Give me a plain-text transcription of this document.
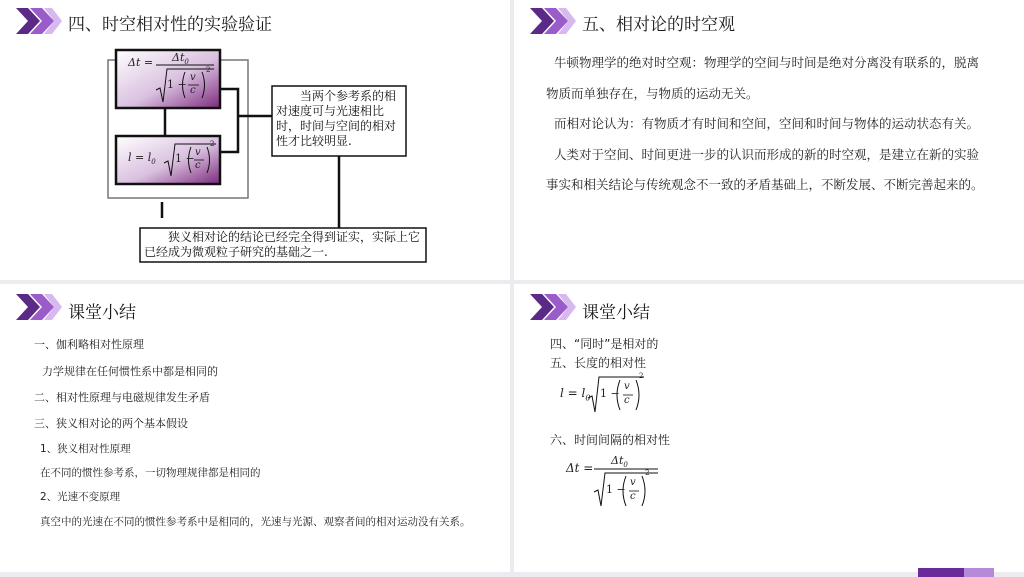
四、时空相对性的实验验证
$\Delta t = \Delta t_0$
1 −
v
c
2
$l = l_0$ 1 − v
c
2
当两个参考系的相对速度可与光速相比时，时间与空间的相对性才比较明显.
狭义相对论的结论已经完全得到证实，实际上它已经成为微观粒子研究的基础之一.
五、相对论的时空观

牛顿物理学的绝对时空观：物理学的空间与时间是绝对分离没有联系的，脱离物质而单独存在，与物质的运动无关。

而相对论认为：有物质才有时间和空间，空间和时间与物体的运动状态有关。

人类对于空间、时间更进一步的认识而形成的新的时空观，是建立在新的实验事实和相关结论与传统观念不一致的矛盾基础上，不断发展、不断完善起来的。

课堂小结
一、伽利略相对性原理
力学规律在任何惯性系中都是相同的
二、相对性原理与电磁规律发生矛盾
三、狭义相对论的两个基本假设
1、狭义相对性原理
在不同的惯性参考系，一切物理规律都是相同的
2、光速不变原理
真空中的光速在不同的惯性参考系中是相同的，光速与光源、观察者间的相对运动没有关系。
课堂小结
四、“同时”是相对的
五、长度的相对性
$l = l_0$ 1 −
v
c
2
六、时间间隔的相对性
Δt =
$\Delta t_0$
1 −
v
c
2
